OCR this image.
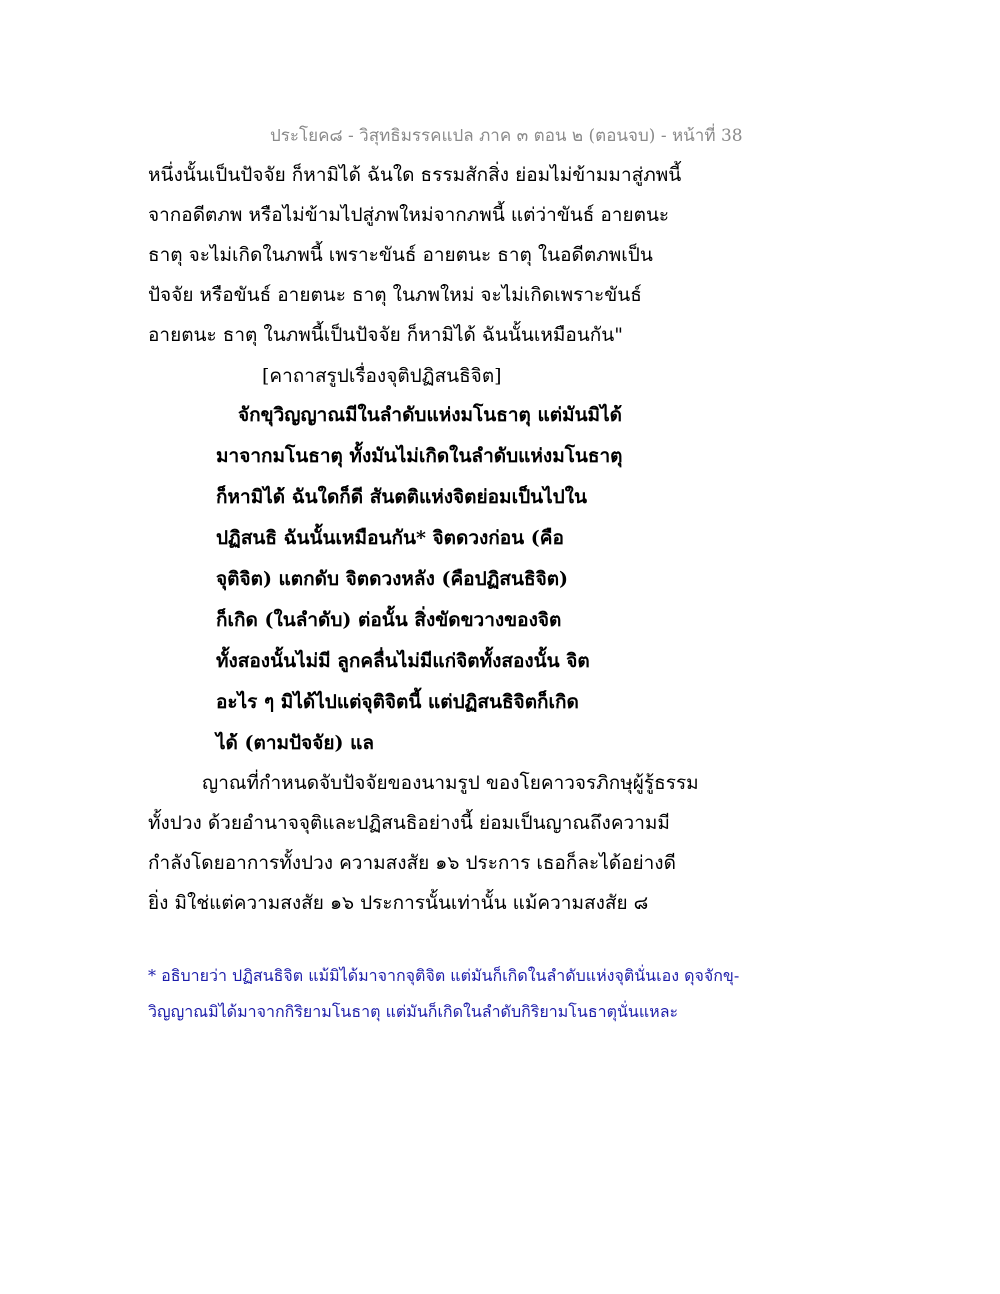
ประโยค๘ - วิสุทธิมรรคแปล ภาค ๓ ตอน ๒ (ตอนจบ) - หน้าที่ 38
หนึ่งนั้นเป็นปัจจัย ก็หามิได้ ฉันใด ธรรมสักสิ่ง ย่อมไม่ข้ามมาสู่ภพนี้
จากอดีตภพ หรือไม่ข้ามไปสู่ภพใหม่จากภพนี้ แต่ว่าขันธ์ อายตนะ
ธาตุ จะไม่เกิดในภพนี้ เพราะขันธ์ อายตนะ ธาตุ ในอดีตภพเป็น
ปัจจัย หรือขันธ์ อายตนะ ธาตุ ในภพใหม่ จะไม่เกิดเพราะขันธ์
อายตนะ ธาตุ ในภพนี้เป็นปัจจัย ก็หามิได้ ฉันนั้นเหมือนกัน"
[คาถาสรูปเรื่องจุติปฏิสนธิจิต]
จักขุวิญญาณมีในลำดับแห่งมโนธาตุ แต่มันมิได้
มาจากมโนธาตุ ทั้งมันไม่เกิดในลำดับแห่งมโนธาตุ
ก็หามิได้ ฉันใดก็ดี สันตติแห่งจิตย่อมเป็นไปใน
ปฏิสนธิ ฉันนั้นเหมือนกัน* จิตดวงก่อน (คือ
จุติจิต) แตกดับ จิตดวงหลัง (คือปฏิสนธิจิต)
ก็เกิด (ในลำดับ) ต่อนั้น สิ่งขัดขวางของจิต
ทั้งสองนั้นไม่มี ลูกคลื่นไม่มีแก่จิตทั้งสองนั้น จิต
อะไร ๆ มิได้ไปแต่จุติจิตนี้ แต่ปฏิสนธิจิตก็เกิด
ได้ (ตามปัจจัย) แล
ญาณที่กำหนดจับปัจจัยของนามรูป ของโยคาวจรภิกษุผู้รู้ธรรม
ทั้งปวง ด้วยอำนาจจุติและปฏิสนธิอย่างนี้ ย่อมเป็นญาณถึงความมี
กำลังโดยอาการทั้งปวง ความสงสัย ๑๖ ประการ เธอก็ละได้อย่างดี
ยิ่ง มิใช่แต่ความสงสัย ๑๖ ประการนั้นเท่านั้น แม้ความสงสัย ๘
* อธิบายว่า ปฏิสนธิจิต แม้มิได้มาจากจุติจิต แต่มันก็เกิดในลำดับแห่งจุตินั่นเอง ดุจจักขุ-
วิญญาณมิได้มาจากกิริยามโนธาตุ แต่มันก็เกิดในลำดับกิริยามโนธาตุนั่นแหละ
